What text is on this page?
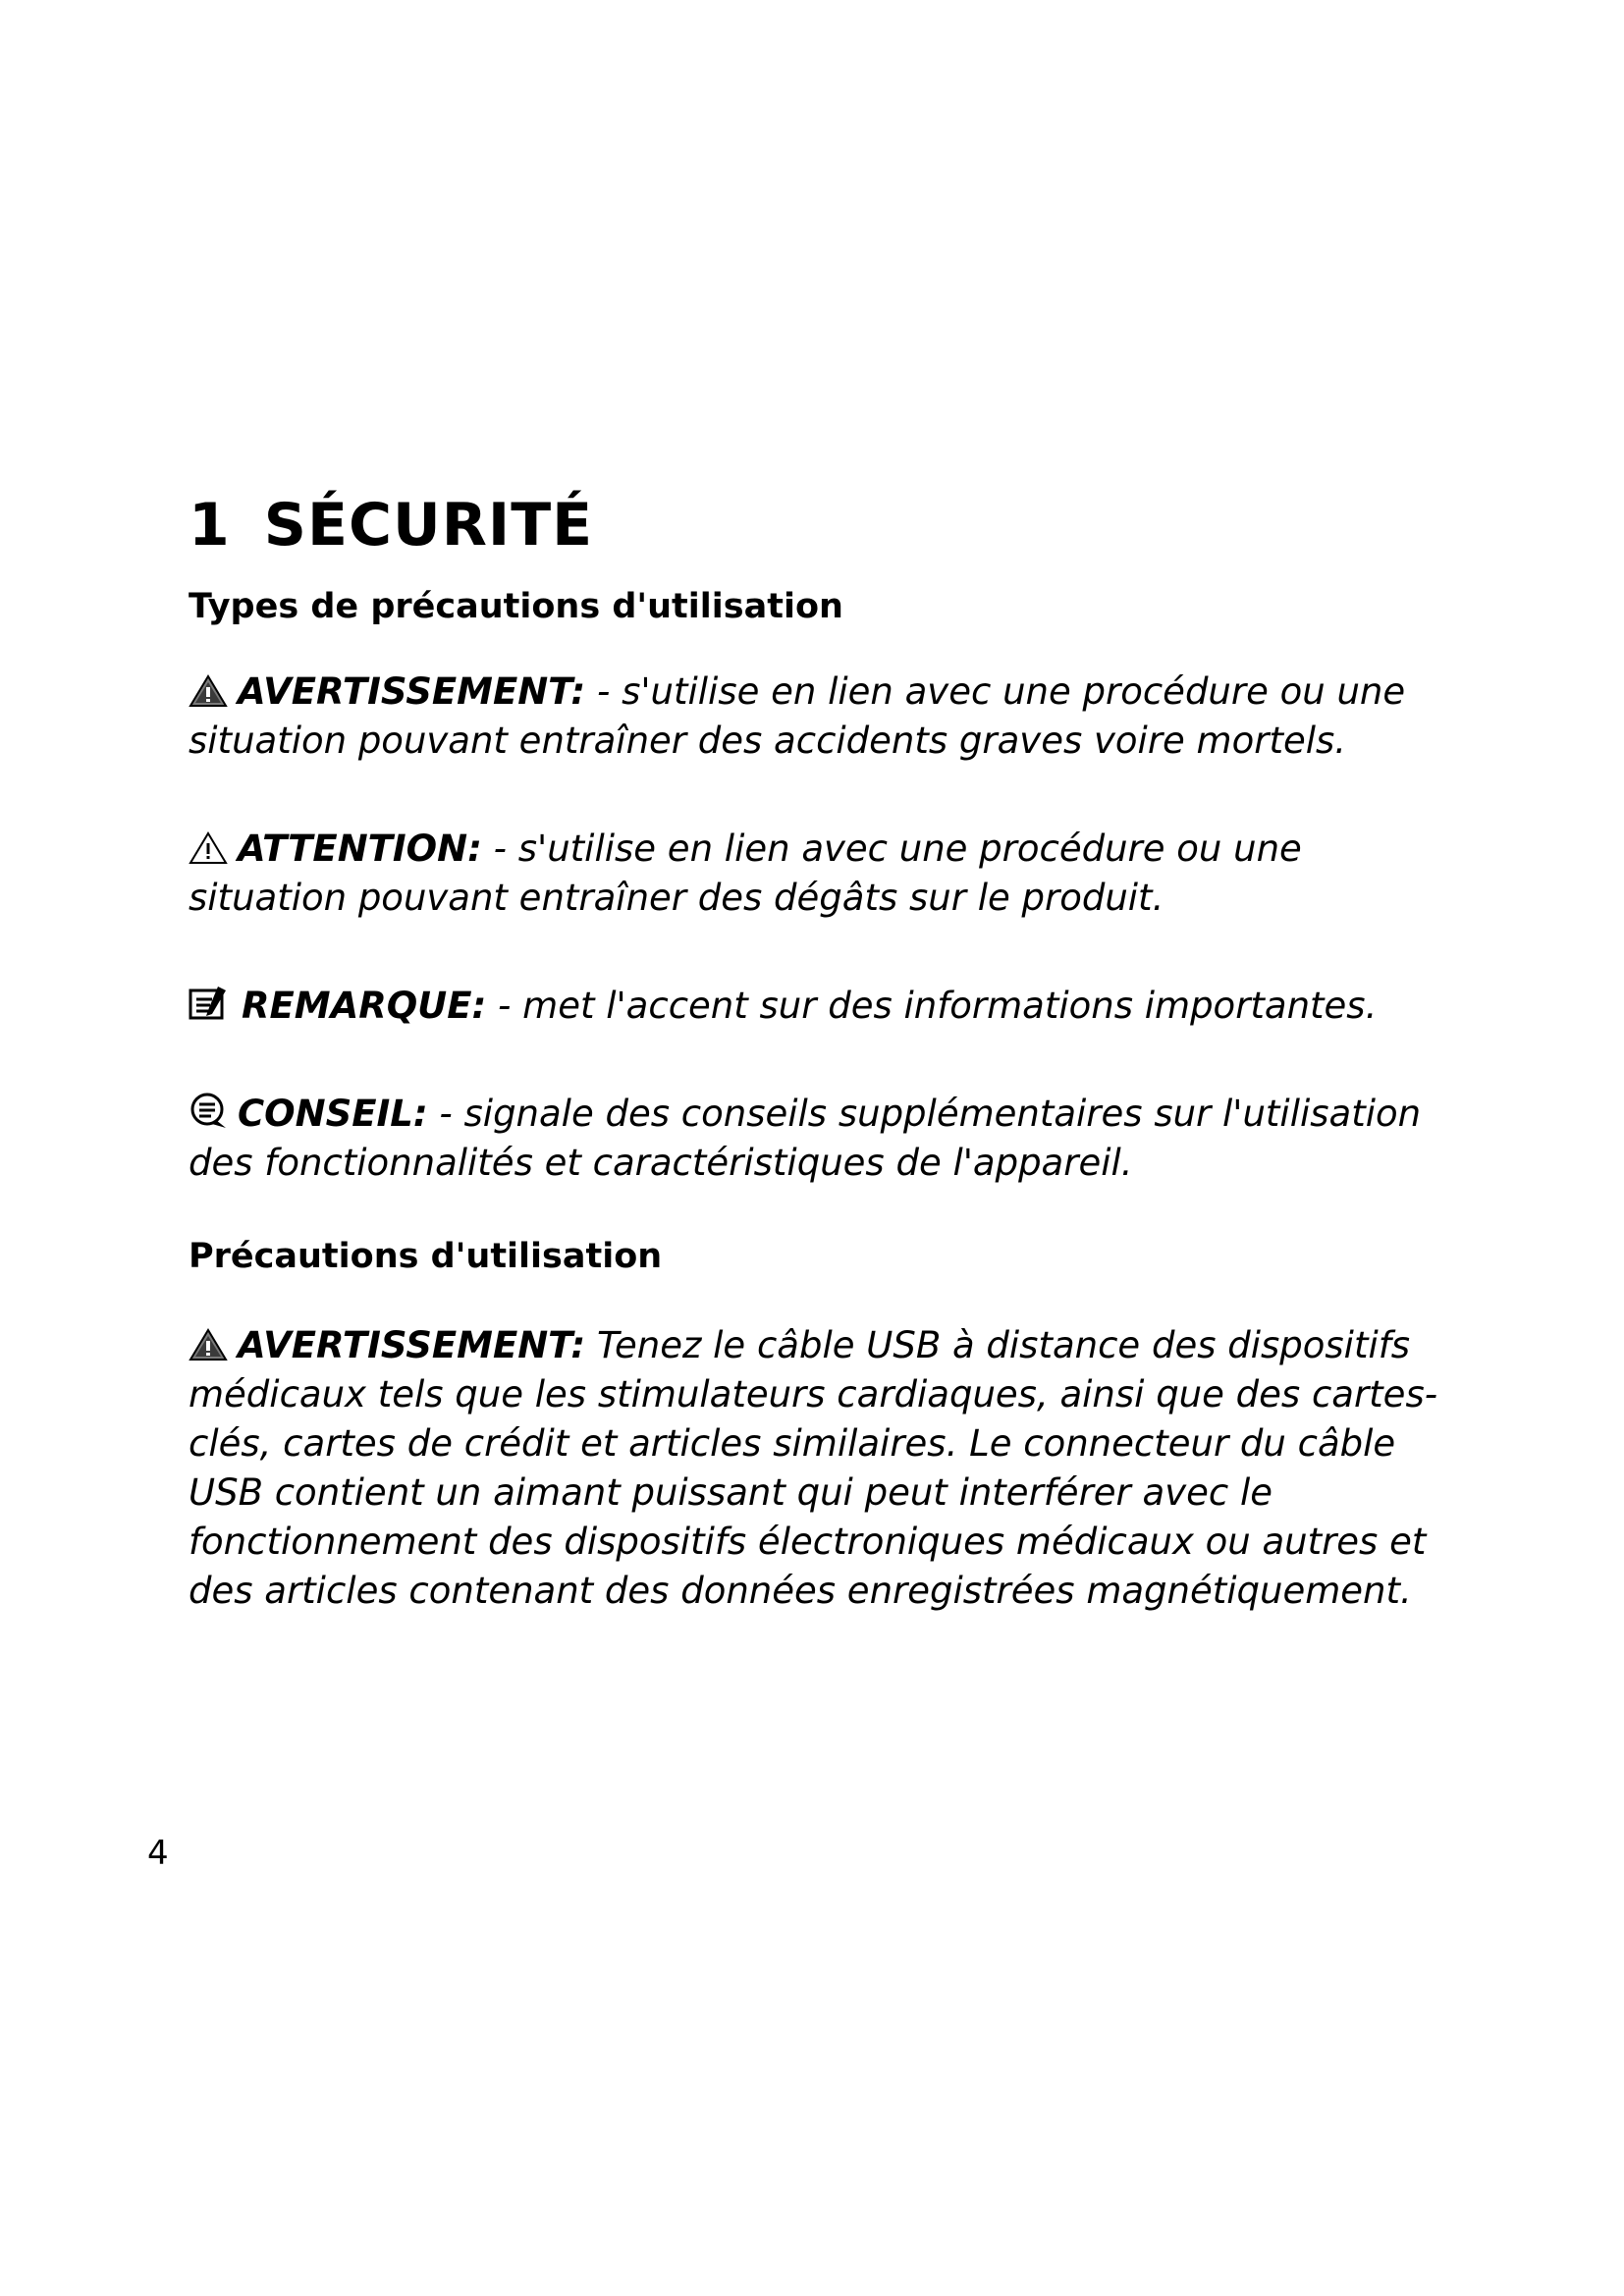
1 SÉCURITÉ
Types de précautions d'utilisation

AVERTISSEMENT: - s'utilise en lien avec une procédure ou une situation pouvant entraîner des accidents graves voire mortels.

ATTENTION: - s'utilise en lien avec une procédure ou une situation pouvant entraîner des dégâts sur le produit.

REMARQUE: - met l'accent sur des informations importantes.

CONSEIL: - signale des conseils supplémentaires sur l'utilisation des fonctionnalités et caractéristiques de l'appareil.

Précautions d'utilisation

AVERTISSEMENT: Tenez le câble USB à distance des dispositifs médicaux tels que les stimulateurs cardiaques, ainsi que des cartes-clés, cartes de crédit et articles similaires. Le connecteur du câble USB contient un aimant puissant qui peut interférer avec le fonctionnement des dispositifs électroniques médicaux ou autres et des articles contenant des données enregistrées magnétiquement.

4
